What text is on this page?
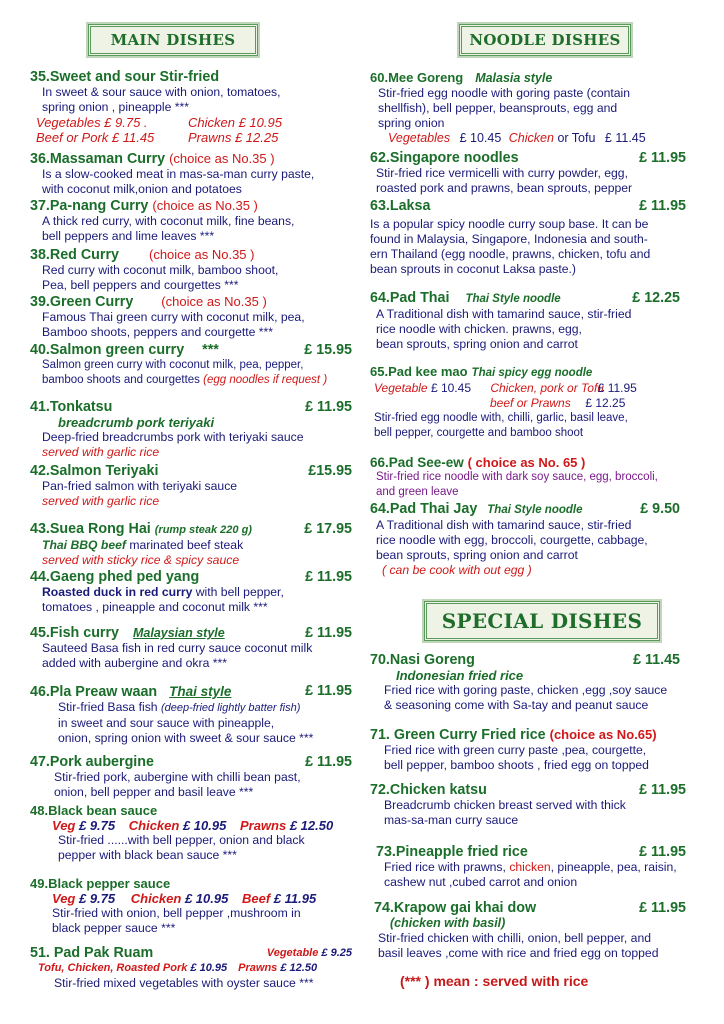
MAIN DISHES	NOODLE DISHES
SPECIAL DISHES
35.Sweet and sour Stir-fried
In sweet & sour sauce with onion, tomatoes,
spring onion , pineapple ***
Vegetables £ 9.75 .	Chicken £ 10.95
Beef or Pork £ 11.45	Prawns £ 12.25
36.Massaman Curry (choice as No.35 )
Is a slow-cooked meat in mas-sa-man curry paste,
with coconut milk,onion and potatoes
37.Pa-nang Curry (choice as No.35 )
A thick red curry, with coconut milk, fine beans,
bell peppers and lime leaves ***
38.Red Curry (choice as No.35 )
Red curry with coconut milk, bamboo shoot,
Pea, bell peppers and courgettes ***
39.Green Curry (choice as No.35 )
Famous Thai green curry with coconut milk, pea,
Bamboo shoots, peppers and courgette ***
40.Salmon green curry ***	£ 15.95
Salmon green curry with coconut milk, pea, pepper,
bamboo shoots and courgettes (egg noodles if request )
41.Tonkatsu	£ 11.95
breadcrumb pork teriyaki
Deep-fried breadcrumbs pork with teriyaki sauce
served with garlic rice
42.Salmon Teriyaki	£15.95
Pan-fried salmon with teriyaki sauce
served with garlic rice
43.Suea Rong Hai (rump steak 220 g)	£ 17.95
Thai BBQ beef marinated beef steak
served with sticky rice & spicy sauce
44.Gaeng phed ped yang	£ 11.95
Roasted duck in red curry with bell pepper,
tomatoes , pineapple and coconut milk ***
45.Fish curry Malaysian style	£ 11.95
Sauteed Basa fish in red curry sauce coconut milk
added with aubergine and okra ***
46.Pla Preaw waan Thai style	£ 11.95
Stir-fried Basa fish (deep-fried lightly batter fish)
in sweet and sour sauce with pineapple,
onion, spring onion with sweet & sour sauce ***
47.Pork aubergine	£ 11.95
Stir-fried pork, aubergine with chilli bean past,
onion, bell pepper and basil leave ***
48.Black bean sauce
Veg £ 9.75 Chicken £ 10.95 Prawns £ 12.50
Stir-fried ......with bell pepper, onion and black
pepper with black bean sauce ***
49.Black pepper sauce
Veg £ 9.75 Chicken £ 10.95 Beef £ 11.95
Stir-fried with onion, bell pepper ,mushroom in
black pepper sauce ***
51. Pad Pak Ruam	Vegetable £ 9.25
Tofu, Chicken, Roasted Pork £ 10.95 Prawns £ 12.50
Stir-fried mixed vegetables with oyster sauce ***
60.Mee Goreng Malasia style
Stir-fried egg noodle with goring paste (contain
shellfish), bell pepper, beansprouts, egg and
spring onion
Vegetables £ 10.45 Chicken or Tofu £ 11.45
62.Singapore noodles	£ 11.95
Stir-fried rice vermicelli with curry powder, egg,
roasted pork and prawns, bean sprouts, pepper
63.Laksa	£ 11.95
Is a popular spicy noodle curry soup base. It can be
found in Malaysia, Singapore, Indonesia and south-
ern Thailand (egg noodle, prawns, chicken, tofu and
bean sprouts in coconut Laksa paste.)
64.Pad Thai Thai Style noodle	£ 12.25
A Traditional dish with tamarind sauce, stir-fried
rice noodle with chicken. prawns, egg,
bean sprouts, spring onion and carrot
65.Pad kee mao Thai spicy egg noodle
Vegetable £ 10.45 Chicken, pork or Tofu £ 11.95
beef or Prawns £ 12.25
Stir-fried egg noodle with, chilli, garlic, basil leave,
bell pepper, courgette and bamboo shoot
66.Pad See-ew ( choice as No. 65 )
Stir-fried rice noodle with dark soy sauce, egg, broccoli,
and green leave
64.Pad Thai Jay Thai Style noodle	£ 9.50
A Traditional dish with tamarind sauce, stir-fried
rice noodle with egg, broccoli, courgette, cabbage,
bean sprouts, spring onion and carrot
( can be cook with out egg )
70.Nasi Goreng	£ 11.45
Indonesian fried rice
Fried rice with goring paste, chicken ,egg ,soy sauce
& seasoning come with Sa-tay and peanut sauce
71. Green Curry Fried rice (choice as No.65)
Fried rice with green curry paste ,pea, courgette,
bell pepper, bamboo shoots , fried egg on topped
72.Chicken katsu	£ 11.95
Breadcrumb chicken breast served with thick
mas-sa-man curry sauce
73.Pineapple fried rice	£ 11.95
Fried rice with prawns, chicken, pineapple, pea, raisin,
cashew nut ,cubed carrot and onion
74.Krapow gai khai dow	£ 11.95
(chicken with basil)
Stir-fried chicken with chilli, onion, bell pepper, and
basil leaves ,come with rice and fried egg on topped
(*** ) mean : served with rice
